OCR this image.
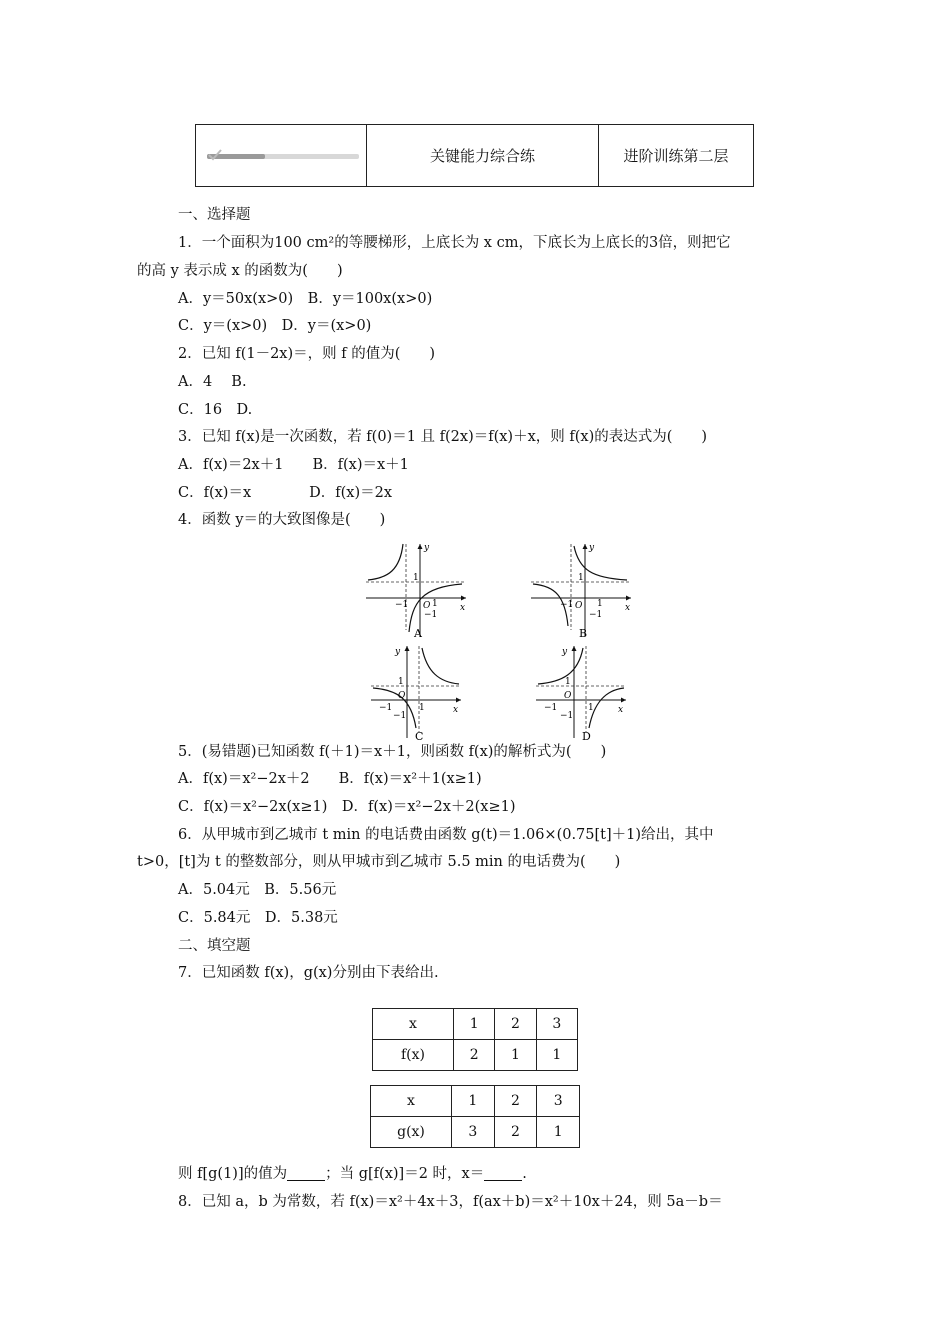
关键能力综合练	进阶训练第二层
一、选择题
1．一个面积为100 cm²的等腰梯形，上底长为 x cm，下底长为上底长的3倍，则把它
的高 y 表示成 x 的函数为(　　)
A．y＝50x(x>0)　B．y＝100x(x>0)
C．y＝(x>0)　D．y＝(x>0)
2．已知 f(1－2x)＝，则 f 的值为(　　)
A．4　 B.
C．16　D.
3．已知 f(x)是一次函数，若 f(0)＝1 且 f(2x)＝f(x)＋x，则 f(x)的表达式为(　　)
A．f(x)＝2x＋1　　B．f(x)＝x＋1
C．f(x)＝x　　　　D．f(x)＝2x
4．函数 y＝的大致图像是(　　)
y
x
O
−1	1
−1
1
A
y
x
O
−1	1
−1
1
B
y
x
O
−1	1
−1
1
C
y
x
O
−1	1
−1
1
D
5．(易错题)已知函数 f(＋1)＝x＋1，则函数 f(x)的解析式为(　　)
A．f(x)＝x²−2x＋2　　B．f(x)＝x²＋1(x≥1)
C．f(x)＝x²−2x(x≥1)　D．f(x)＝x²−2x＋2(x≥1)
6．从甲城市到乙城市 t min 的电话费由函数 g(t)＝1.06×(0.75[t]＋1)给出，其中
t>0，[t]为 t 的整数部分，则从甲城市到乙城市 5.5 min 的电话费为(　　)
A．5.04元　B．5.56元
C．5.84元　D．5.38元
二、填空题
7．已知函数 f(x)，g(x)分别由下表给出.
x	1	2	3
f(x)	2	1	1
x	1	2	3
g(x)	3	2	1
则 f[g(1)]的值为	；当 g[f(x)]＝2 时，x＝	.
8．已知 a，b 为常数，若 f(x)＝x²＋4x＋3，f(ax＋b)＝x²＋10x＋24，则 5a－b＝
